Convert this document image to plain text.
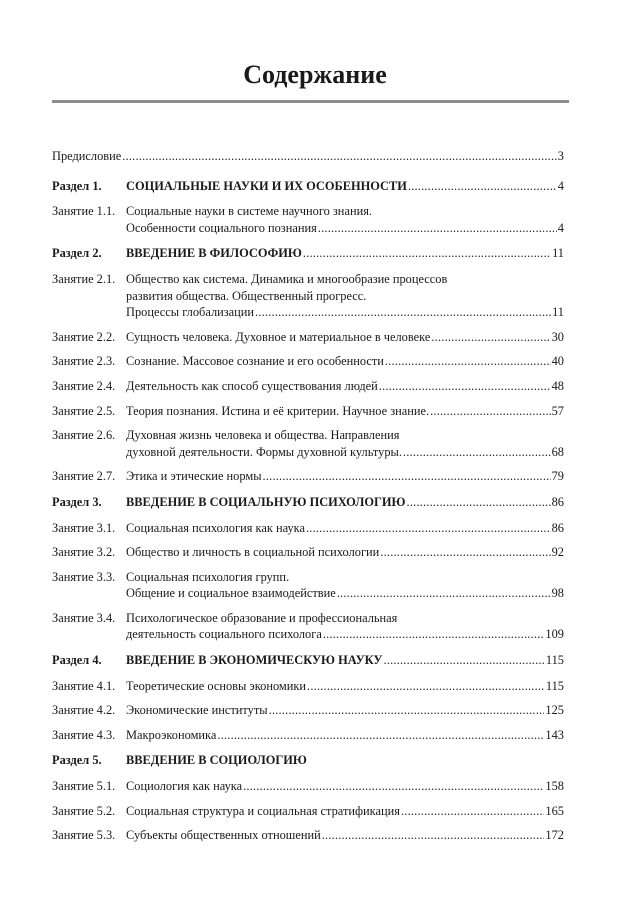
Содержание
Предисловие .....	3
Раздел 1. СОЦИАЛЬНЫЕ НАУКИ И ИХ ОСОБЕННОСТИ .....	4
Занятие 1.1. Социальные науки в системе научного знания.
Особенности социального познания .....	4
Раздел 2. ВВЕДЕНИЕ В ФИЛОСОФИЮ .....	11
Занятие 2.1. Общество как система. Динамика и многообразие процессов
развития общества. Общественный прогресс.
Процессы глобализации .....	11
Занятие 2.2. Сущность человека. Духовное и материальное в человеке .....	30
Занятие 2.3. Сознание. Массовое сознание и его особенности .....	40
Занятие 2.4. Деятельность как способ существования людей .....	48
Занятие 2.5. Теория познания. Истина и её критерии. Научное знание. .....	57
Занятие 2.6. Духовная жизнь человека и общества. Направления
духовной деятельности. Формы духовной культуры. .....	68
Занятие 2.7. Этика и этические нормы .....	79
Раздел 3. ВВЕДЕНИЕ В СОЦИАЛЬНУЮ ПСИХОЛОГИЮ .....	86
Занятие 3.1. Социальная психология как наука .....	86
Занятие 3.2. Общество и личность в социальной психологии .....	92
Занятие 3.3. Социальная психология групп.
Общение и социальное взаимодействие .....	98
Занятие 3.4. Психологическое образование и профессиональная
деятельность социального психолога .....	109
Раздел 4. ВВЕДЕНИЕ В ЭКОНОМИЧЕСКУЮ НАУКУ .....	115
Занятие 4.1. Теоретические основы экономики .....	115
Занятие 4.2. Экономические институты .....	125
Занятие 4.3. Макроэкономика .....	143
Раздел 5. ВВЕДЕНИЕ В СОЦИОЛОГИЮ
Занятие 5.1. Социология как наука .....	158
Занятие 5.2. Социальная структура и социальная стратификация .....	165
Занятие 5.3. Субъекты общественных отношений .....	172
